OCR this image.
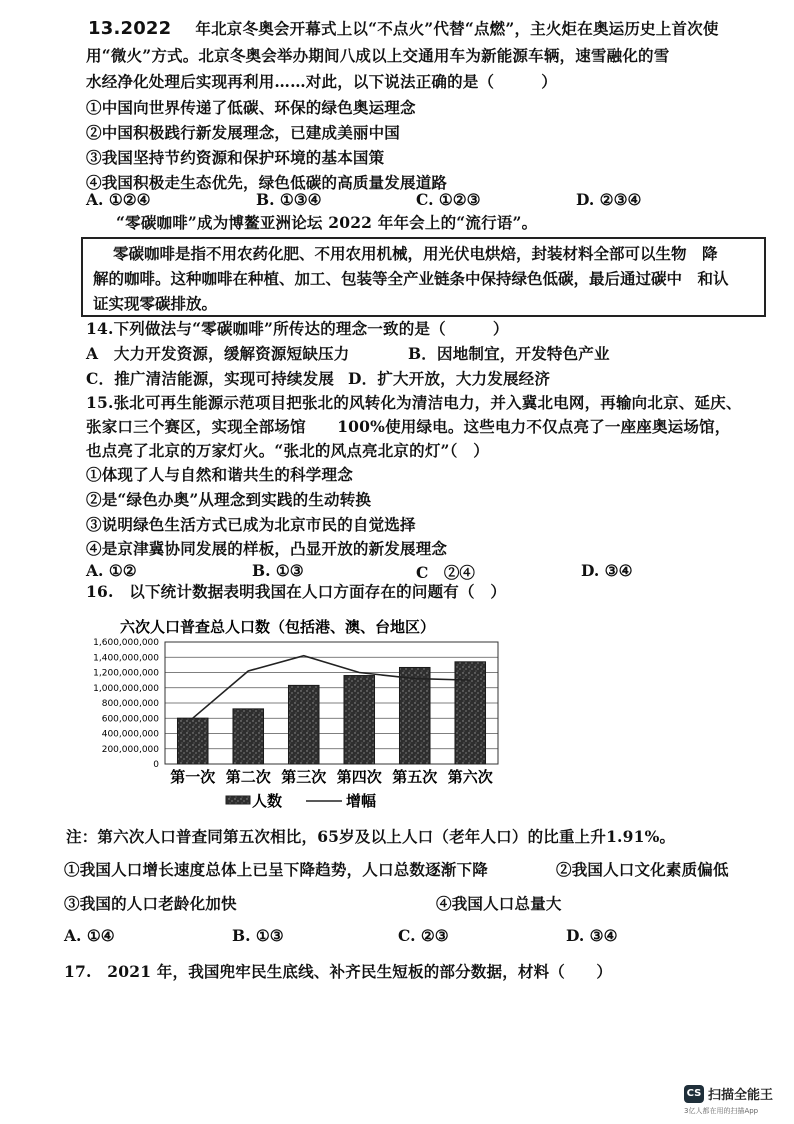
13.2022 年北京冬奥会开幕式上以“不点火”代替“点燃”，主火炬在奥运历史上首次使
用“微火”方式。北京冬奥会举办期间八成以上交通用车为新能源车辆，速雪融化的雪
水经净化处理后实现再利用……对此，以下说法正确的是（　　　）
①中国向世界传递了低碳、环保的绿色奥运理念
②中国积极践行新发展理念，已建成美丽中国
③我国坚持节约资源和保护环境的基本国策
④我国积极走生态优先，绿色低碳的高质量发展道路
A. ①②④	B. ①③④	C. ①②③	D. ②③④
“零碳咖啡”成为博鳌亚洲论坛 2022 年年会上的“流行语”。
零碳咖啡是指不用农药化肥、不用农用机械，用光伏电烘焙，封装材料全部可以生物　降
解的咖啡。这种咖啡在种植、加工、包装等全产业链条中保持绿色低碳，最后通过碳中　和认
证实现零碳排放。
14.下列做法与“零碳咖啡”所传达的理念一致的是（　　　）
A　大力开发资源，缓解资源短缺压力	B．因地制宜，开发特色产业
C．推广清洁能源，实现可持续发展 D．扩大开放，大力发展经济
15.张北可再生能源示范项目把张北的风转化为清洁电力，并入冀北电网，再输向北京、延庆、
张家口三个赛区，实现全部场馆　　100%使用绿电。这些电力不仅点亮了一座座奥运场馆，
也点亮了北京的万家灯火。“张北的风点亮北京的灯”（　）
①体现了人与自然和谐共生的科学理念
②是“绿色办奥”从理念到实践的生动转换
③说明绿色生活方式已成为北京市民的自觉选择
④是京津冀协同发展的样板，凸显开放的新发展理念
A. ①②	B. ①③	C　②④	D. ③④
16.　以下统计数据表明我国在人口方面存在的问题有（　）
六次人口普查总人口数（包括港、澳、台地区）
1,600,000,000
1,400,000,000
1,200,000,000
1,000,000,000
800,000,000
600,000,000
400,000,000
200,000,000
0
第一次 第二次 第三次 第四次 第五次 第六次
人数	增幅
注：第六次人口普查同第五次相比，65岁及以上人口（老年人口）的比重上升1.91%。
①我国人口增长速度总体上已呈下降趋势，人口总数逐渐下降	②我国人口文化素质偏低
③我国的人口老龄化加快	④我国人口总量大
A. ①④	B. ①③	C. ②③	D. ③④
17.　2021 年，我国兜牢民生底线、补齐民生短板的部分数据，材料（　　）
CS 扫描全能王
3亿人都在用的扫描App
